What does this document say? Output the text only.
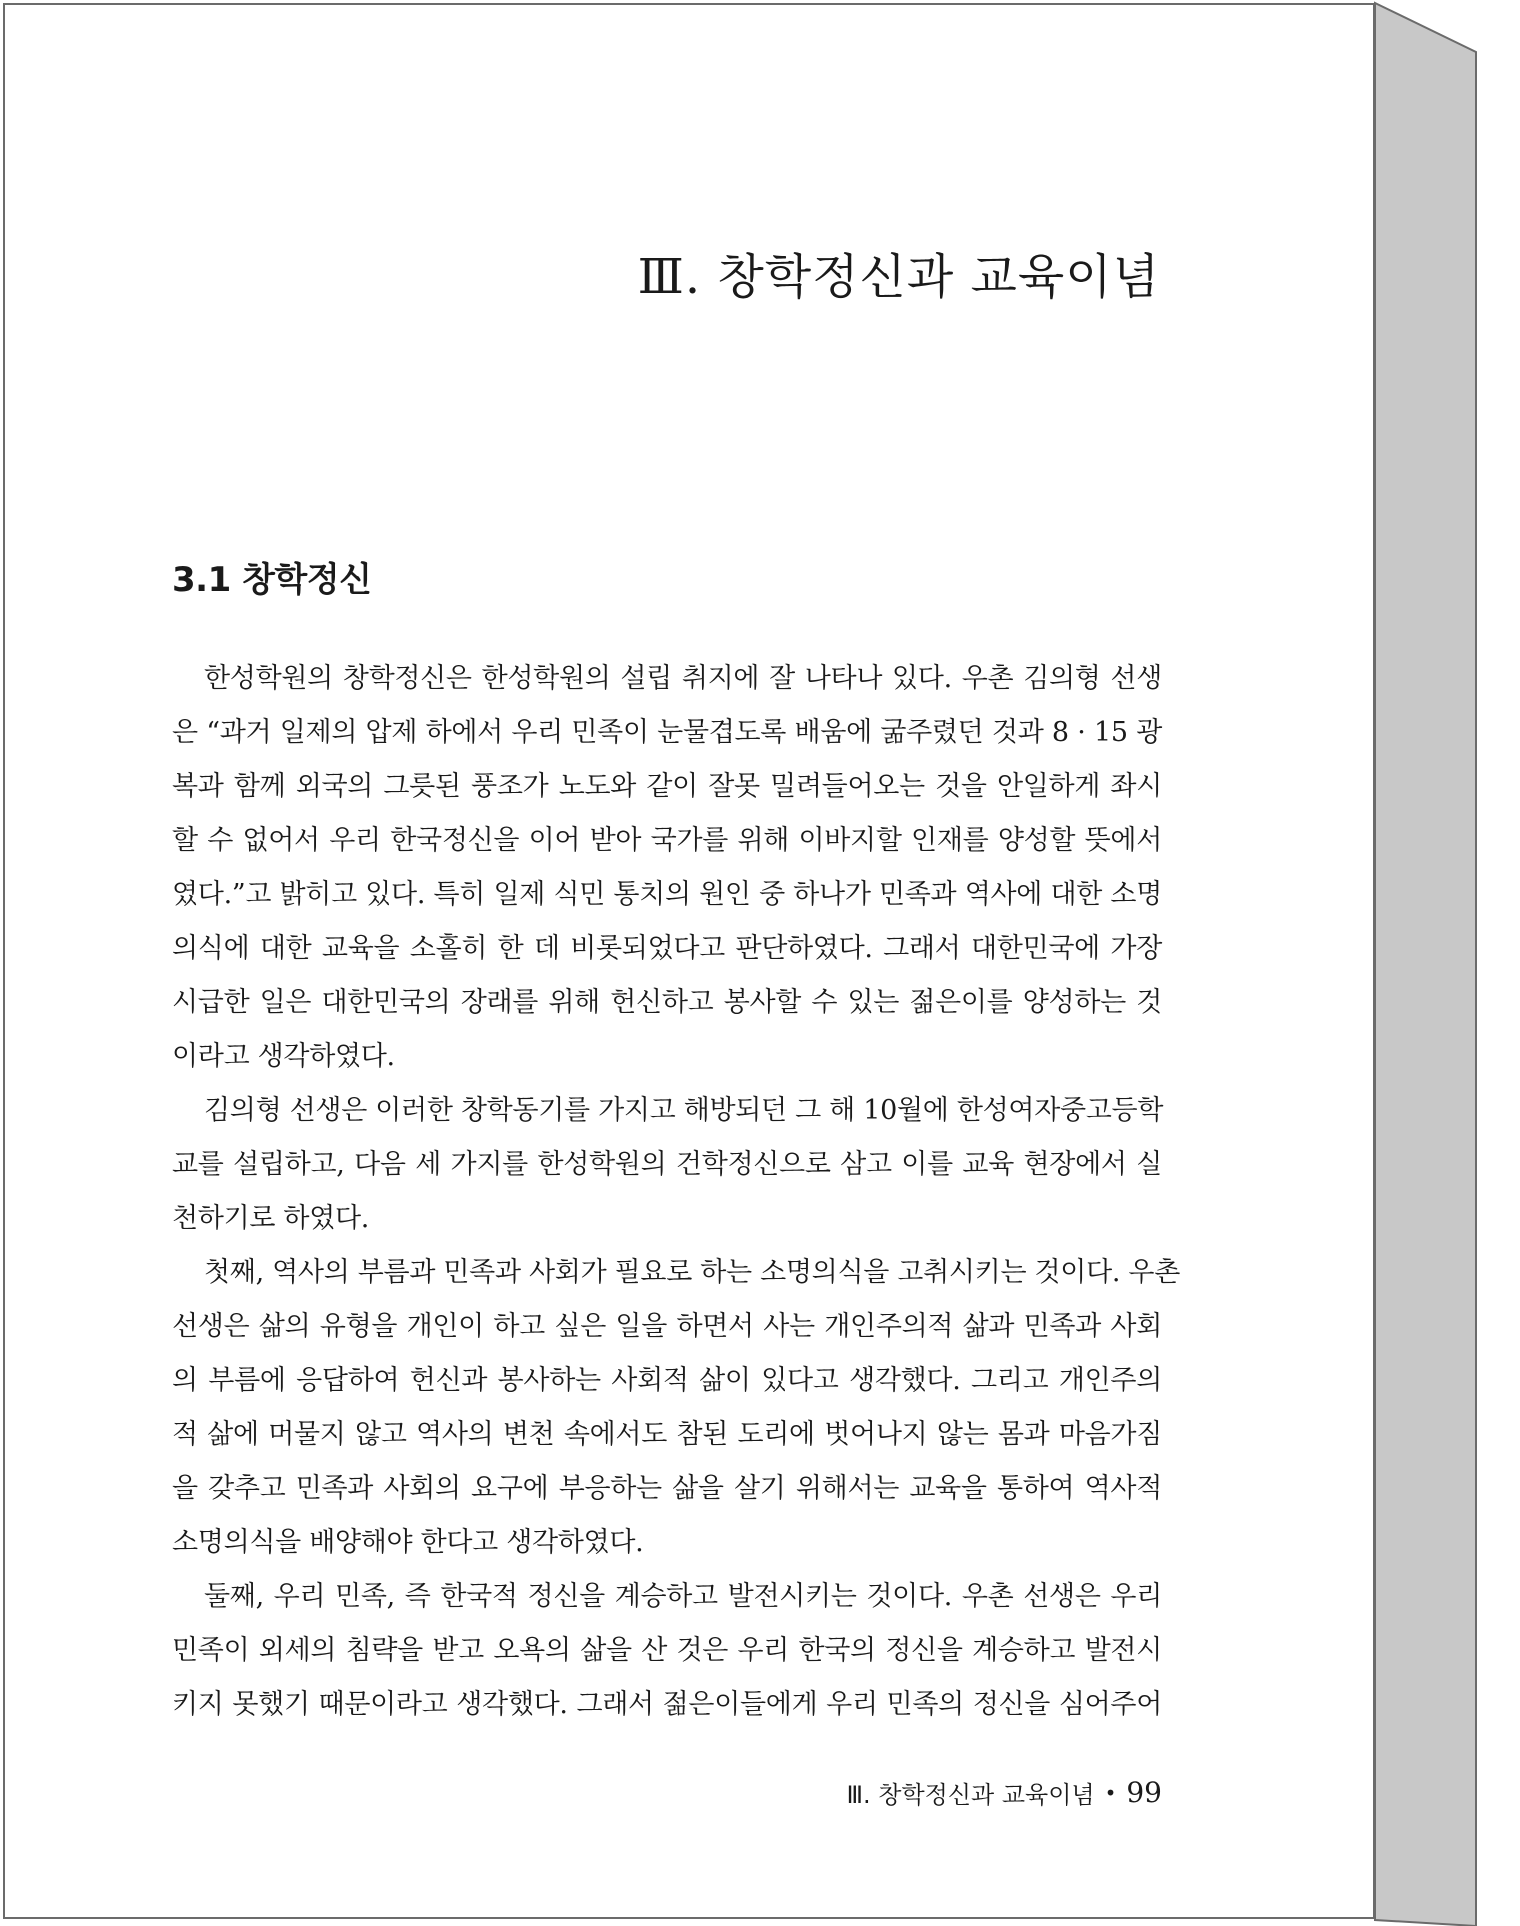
Ⅲ. 창학정신과 교육이념
3.1 창학정신
한성학원의 창학정신은 한성학원의 설립 취지에 잘 나타나 있다. 우촌 김의형 선생
은 “과거 일제의 압제 하에서 우리 민족이 눈물겹도록 배움에 굶주렸던 것과 8 · 15 광
복과 함께 외국의 그릇된 풍조가 노도와 같이 잘못 밀려들어오는 것을 안일하게 좌시
할 수 없어서 우리 한국정신을 이어 받아 국가를 위해 이바지할 인재를 양성할 뜻에서
였다.”고 밝히고 있다. 특히 일제 식민 통치의 원인 중 하나가 민족과 역사에 대한 소명
의식에 대한 교육을 소홀히 한 데 비롯되었다고 판단하였다. 그래서 대한민국에 가장
시급한 일은 대한민국의 장래를 위해 헌신하고 봉사할 수 있는 젊은이를 양성하는 것
이라고 생각하였다.
김의형 선생은 이러한 창학동기를 가지고 해방되던 그 해 10월에 한성여자중고등학
교를 설립하고, 다음 세 가지를 한성학원의 건학정신으로 삼고 이를 교육 현장에서 실
천하기로 하였다.
첫째, 역사의 부름과 민족과 사회가 필요로 하는 소명의식을 고취시키는 것이다. 우촌
선생은 삶의 유형을 개인이 하고 싶은 일을 하면서 사는 개인주의적 삶과 민족과 사회
의 부름에 응답하여 헌신과 봉사하는 사회적 삶이 있다고 생각했다. 그리고 개인주의
적 삶에 머물지 않고 역사의 변천 속에서도 참된 도리에 벗어나지 않는 몸과 마음가짐
을 갖추고 민족과 사회의 요구에 부응하는 삶을 살기 위해서는 교육을 통하여 역사적
소명의식을 배양해야 한다고 생각하였다.
둘째, 우리 민족, 즉 한국적 정신을 계승하고 발전시키는 것이다. 우촌 선생은 우리
민족이 외세의 침략을 받고 오욕의 삶을 산 것은 우리 한국의 정신을 계승하고 발전시
키지 못했기 때문이라고 생각했다. 그래서 젊은이들에게 우리 민족의 정신을 심어주어
Ⅲ. 창학정신과 교육이념 • 99
